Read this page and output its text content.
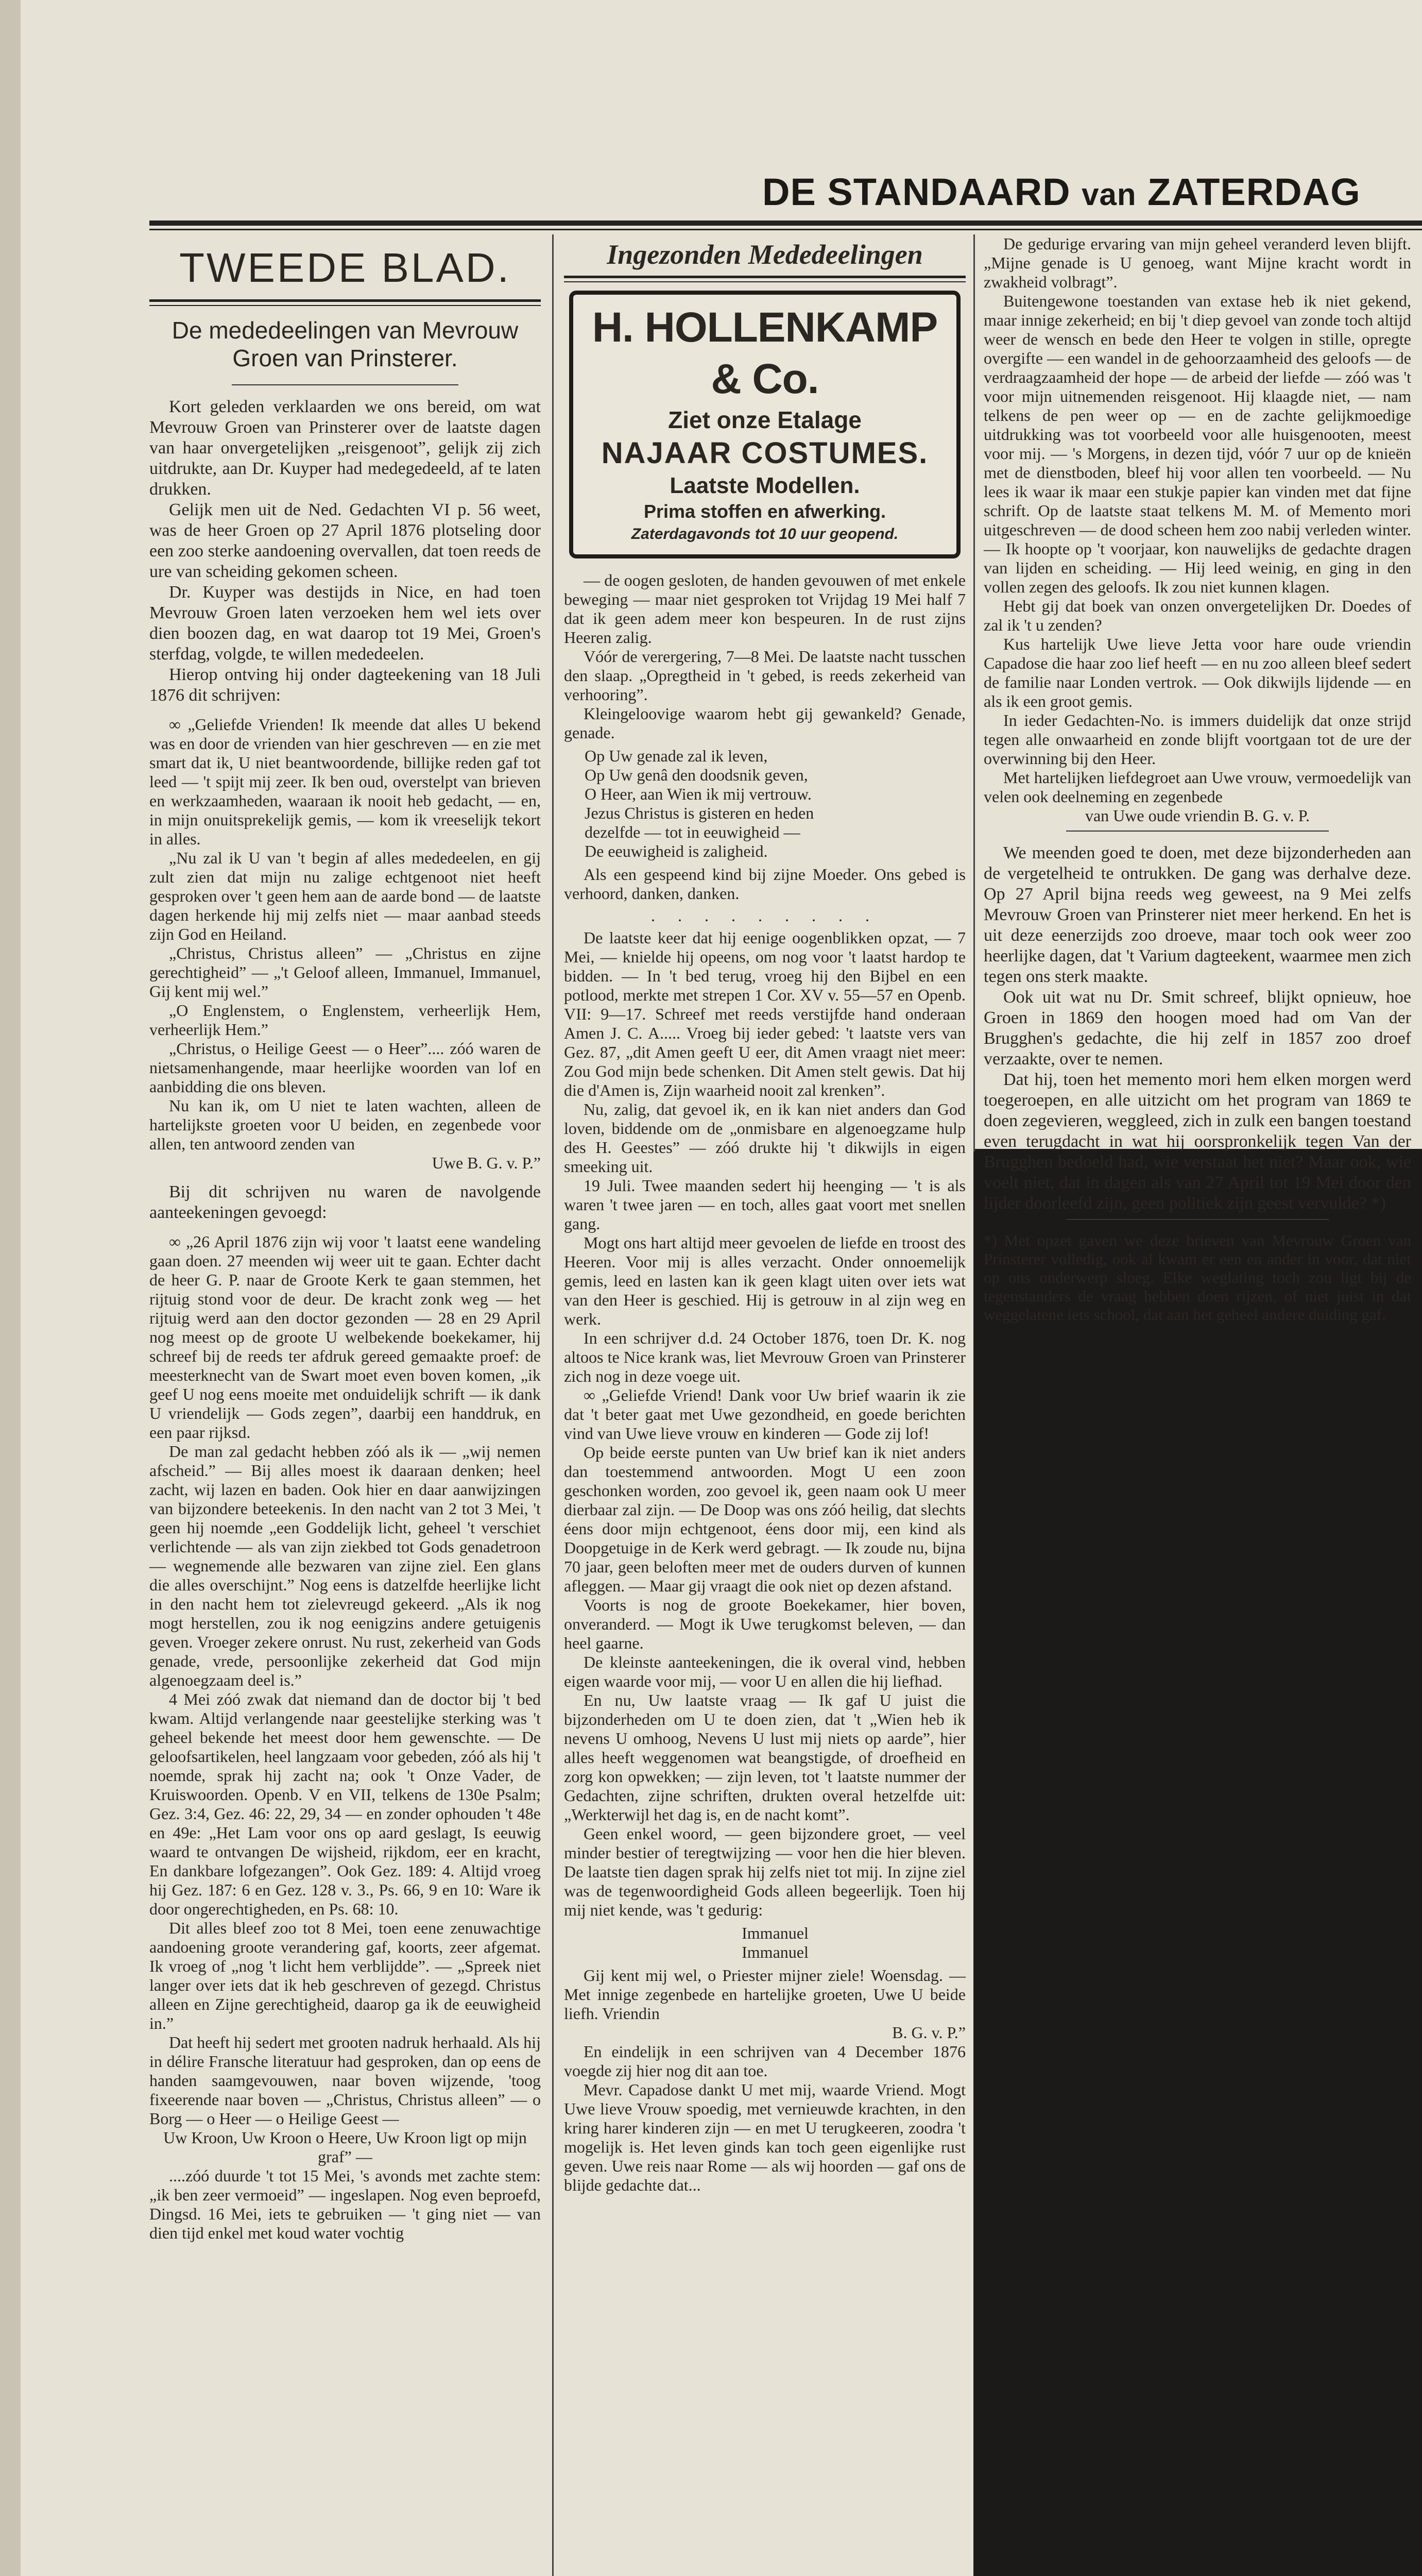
DE STANDAARD van ZATERDAG
TWEEDE BLAD.
De mededeelingen van Mevrouw Groen van Prinsterer.

Kort geleden verklaarden we ons bereid, om wat Mevrouw Groen van Prinsterer over de laatste dagen van haar onvergetelijken „reisgenoot”, gelijk zij zich uitdrukte, aan Dr. Kuyper had medegedeeld, af te laten drukken.

Gelijk men uit de Ned. Gedachten VI p. 56 weet, was de heer Groen op 27 April 1876 plotseling door een zoo sterke aandoening overvallen, dat toen reeds de ure van scheiding gekomen scheen.

Dr. Kuyper was destijds in Nice, en had toen Mevrouw Groen laten verzoeken hem wel iets over dien boozen dag, en wat daarop tot 19 Mei, Groen's sterfdag, volgde, te willen mededeelen.

Hierop ontving hij onder dagteekening van 18 Juli 1876 dit schrijven:

∞ „Geliefde Vrienden! Ik meende dat alles U bekend was en door de vrienden van hier geschreven — en zie met smart dat ik, U niet beantwoordende, billijke reden gaf tot leed — 't spijt mij zeer. Ik ben oud, overstelpt van brieven en werkzaamheden, waaraan ik nooit heb gedacht, — en, in mijn onuitsprekelijk gemis, — kom ik vreeselijk tekort in alles.

„Nu zal ik U van 't begin af alles mededeelen, en gij zult zien dat mijn nu zalige echtgenoot niet heeft gesproken over 't geen hem aan de aarde bond — de laatste dagen herkende hij mij zelfs niet — maar aanbad steeds zijn God en Heiland.

„Christus, Christus alleen” — „Christus en zijne gerechtigheid” — „'t Geloof alleen, Immanuel, Immanuel, Gij kent mij wel.”

„O Englenstem, o Englenstem, verheerlijk Hem, verheerlijk Hem.”

„Christus, o Heilige Geest — o Heer”.... zóó waren de nietsamenhangende, maar heerlijke woorden van lof en aanbidding die ons bleven.

Nu kan ik, om U niet te laten wachten, alleen de hartelijkste groeten voor U beiden, en zegenbede voor allen, ten antwoord zenden van

Uwe B. G. v. P.”

Bij dit schrijven nu waren de navolgende aanteekeningen gevoegd:

∞ „26 April 1876 zijn wij voor 't laatst eene wandeling gaan doen. 27 meenden wij weer uit te gaan. Echter dacht de heer G. P. naar de Groote Kerk te gaan stemmen, het rijtuig stond voor de deur. De kracht zonk weg — het rijtuig werd aan den doctor gezonden — 28 en 29 April nog meest op de groote U welbekende boekekamer, hij schreef bij de reeds ter afdruk gereed gemaakte proef: de meesterknecht van de Swart moet even boven komen, „ik geef U nog eens moeite met onduidelijk schrift — ik dank U vriendelijk — Gods zegen”, daarbij een handdruk, en een paar rijksd.

De man zal gedacht hebben zóó als ik — „wij nemen afscheid.” — Bij alles moest ik daaraan denken; heel zacht, wij lazen en baden. Ook hier en daar aanwijzingen van bijzondere beteekenis. In den nacht van 2 tot 3 Mei, 't geen hij noemde „een Goddelijk licht, geheel 't verschiet verlichtende — als van zijn ziekbed tot Gods genadetroon — wegnemende alle bezwaren van zijne ziel. Een glans die alles overschijnt.” Nog eens is datzelfde heerlijke licht in den nacht hem tot zielevreugd gekeerd. „Als ik nog mogt herstellen, zou ik nog eenigzins andere getuigenis geven. Vroeger zekere onrust. Nu rust, zekerheid van Gods genade, vrede, persoonlijke zekerheid dat God mijn algenoegzaam deel is.”

4 Mei zóó zwak dat niemand dan de doctor bij 't bed kwam. Altijd verlangende naar geestelijke sterking was 't geheel bekende het meest door hem gewenschte. — De geloofsartikelen, heel langzaam voor gebeden, zóó als hij 't noemde, sprak hij zacht na; ook 't Onze Vader, de Kruiswoorden. Openb. V en VII, telkens de 130e Psalm; Gez. 3:4, Gez. 46: 22, 29, 34 — en zonder ophouden 't 48e en 49e: „Het Lam voor ons op aard geslagt, Is eeuwig waard te ontvangen De wijsheid, rijkdom, eer en kracht, En dankbare lofgezangen”. Ook Gez. 189: 4. Altijd vroeg hij Gez. 187: 6 en Gez. 128 v. 3., Ps. 66, 9 en 10: Ware ik door ongerechtigheden, en Ps. 68: 10.

Dit alles bleef zoo tot 8 Mei, toen eene zenuwachtige aandoening groote verandering gaf, koorts, zeer afgemat. Ik vroeg of „nog 't licht hem verblijdde”. — „Spreek niet langer over iets dat ik heb geschreven of gezegd. Christus alleen en Zijne gerechtigheid, daarop ga ik de eeuwigheid in.”

Dat heeft hij sedert met grooten nadruk herhaald. Als hij in délire Fransche literatuur had gesproken, dan op eens de handen saamgevouwen, naar boven wijzende, 'toog fixeerende naar boven — „Christus, Christus alleen” — o Borg — o Heer — o Heilige Geest —

Uw Kroon, Uw Kroon o Heere, Uw Kroon ligt op mijn graf” —

....zóó duurde 't tot 15 Mei, 's avonds met zachte stem: „ik ben zeer vermoeid” — ingeslapen. Nog even beproefd, Dingsd. 16 Mei, iets te gebruiken — 't ging niet — van dien tijd enkel met koud water vochtig

Ingezonden Mededeelingen
H. HOLLENKAMP & Co.
Ziet onze Etalage
NAJAAR COSTUMES.
Laatste Modellen.
Prima stoffen en afwerking.
Zaterdagavonds tot 10 uur geopend.

— de oogen gesloten, de handen gevouwen of met enkele beweging — maar niet gesproken tot Vrijdag 19 Mei half 7 dat ik geen adem meer kon bespeuren. In de rust zijns Heeren zalig.

Vóór de verergering, 7—8 Mei. De laatste nacht tusschen den slaap. „Opregtheid in 't gebed, is reeds zekerheid van verhooring”.

Kleingeloovige waarom hebt gij gewankeld? Genade, genade.

Op Uw genade zal ik leven,
Op Uw genâ den doodsnik geven,
O Heer, aan Wien ik mij vertrouw.
Jezus Christus is gisteren en heden
dezelfde — tot in eeuwigheid —
De eeuwigheid is zaligheid.

Als een gespeend kind bij zijne Moeder. Ons gebed is verhoord, danken, danken.

. . . . . . . . .

De laatste keer dat hij eenige oogenblikken opzat, — 7 Mei, — knielde hij opeens, om nog voor 't laatst hardop te bidden. — In 't bed terug, vroeg hij den Bijbel en een potlood, merkte met strepen 1 Cor. XV v. 55—57 en Openb. VII: 9—17. Schreef met reeds verstijfde hand onderaan Amen J. C. A..... Vroeg bij ieder gebed: 't laatste vers van Gez. 87, „dit Amen geeft U eer, dit Amen vraagt niet meer: Zou God mijn bede schenken. Dit Amen stelt gewis. Dat hij die d'Amen is, Zijn waarheid nooit zal krenken”.

Nu, zalig, dat gevoel ik, en ik kan niet anders dan God loven, biddende om de „onmisbare en algenoegzame hulp des H. Geestes” — zóó drukte hij 't dikwijls in eigen smeeking uit.

19 Juli. Twee maanden sedert hij heenging — 't is als waren 't twee jaren — en toch, alles gaat voort met snellen gang.

Mogt ons hart altijd meer gevoelen de liefde en troost des Heeren. Voor mij is alles verzacht. Onder onnoemelijk gemis, leed en lasten kan ik geen klagt uiten over iets wat van den Heer is geschied. Hij is getrouw in al zijn weg en werk.

In een schrijver d.d. 24 October 1876, toen Dr. K. nog altoos te Nice krank was, liet Mevrouw Groen van Prinsterer zich nog in deze voege uit.

∞ „Geliefde Vriend! Dank voor Uw brief waarin ik zie dat 't beter gaat met Uwe gezondheid, en goede berichten vind van Uwe lieve vrouw en kinderen — Gode zij lof!

Op beide eerste punten van Uw brief kan ik niet anders dan toestemmend antwoorden. Mogt U een zoon geschonken worden, zoo gevoel ik, geen naam ook U meer dierbaar zal zijn. — De Doop was ons zóó heilig, dat slechts éens door mijn echtgenoot, éens door mij, een kind als Doopgetuige in de Kerk werd gebragt. — Ik zoude nu, bijna 70 jaar, geen beloften meer met de ouders durven of kunnen afleggen. — Maar gij vraagt die ook niet op dezen afstand.

Voorts is nog de groote Boekekamer, hier boven, onveranderd. — Mogt ik Uwe terugkomst beleven, — dan heel gaarne.

De kleinste aanteekeningen, die ik overal vind, hebben eigen waarde voor mij, — voor U en allen die hij liefhad.

En nu, Uw laatste vraag — Ik gaf U juist die bijzonderheden om U te doen zien, dat 't „Wien heb ik nevens U omhoog, Nevens U lust mij niets op aarde”, hier alles heeft weggenomen wat beangstigde, of droefheid en zorg kon opwekken; — zijn leven, tot 't laatste nummer der Gedachten, zijne schriften, drukten overal hetzelfde uit: „Werkterwijl het dag is, en de nacht komt”.

Geen enkel woord, — geen bijzondere groet, — veel minder bestier of teregtwijzing — voor hen die hier bleven. De laatste tien dagen sprak hij zelfs niet tot mij. In zijne ziel was de tegenwoordigheid Gods alleen begeerlijk. Toen hij mij niet kende, was 't gedurig:

Immanuel
Immanuel

Gij kent mij wel, o Priester mijner ziele! Woensdag. — Met innige zegenbede en hartelijke groeten, Uwe U beide liefh. Vriendin

B. G. v. P.”

En eindelijk in een schrijven van 4 December 1876 voegde zij hier nog dit aan toe.

Mevr. Capadose dankt U met mij, waarde Vriend. Mogt Uwe lieve Vrouw spoedig, met vernieuwde krachten, in den kring harer kinderen zijn — en met U terugkeeren, zoodra 't mogelijk is. Het leven ginds kan toch geen eigenlijke rust geven. Uwe reis naar Rome — als wij hoorden — gaf ons de blijde gedachte dat...

De gedurige ervaring van mijn geheel veranderd leven blijft. „Mijne genade is U genoeg, want Mijne kracht wordt in zwakheid volbragt”.

Buitengewone toestanden van extase heb ik niet gekend, maar innige zekerheid; en bij 't diep gevoel van zonde toch altijd weer de wensch en bede den Heer te volgen in stille, opregte overgifte — een wandel in de gehoorzaamheid des geloofs — de verdraagzaamheid der hope — de arbeid der liefde — zóó was 't voor mijn uitnemenden reisgenoot. Hij klaagde niet, — nam telkens de pen weer op — en de zachte gelijkmoedige uitdrukking was tot voorbeeld voor alle huisgenooten, meest voor mij. — 's Morgens, in dezen tijd, vóór 7 uur op de knieën met de dienstboden, bleef hij voor allen ten voorbeeld. — Nu lees ik waar ik maar een stukje papier kan vinden met dat fijne schrift. Op de laatste staat telkens M. M. of Memento mori uitgeschreven — de dood scheen hem zoo nabij verleden winter. — Ik hoopte op 't voorjaar, kon nauwelijks de gedachte dragen van lijden en scheiding. — Hij leed weinig, en ging in den vollen zegen des geloofs. Ik zou niet kunnen klagen.

Hebt gij dat boek van onzen onvergetelijken Dr. Doedes of zal ik 't u zenden?

Kus hartelijk Uwe lieve Jetta voor hare oude vriendin Capadose die haar zoo lief heeft — en nu zoo alleen bleef sedert de familie naar Londen vertrok. — Ook dikwijls lijdende — en als ik een groot gemis.

In ieder Gedachten-No. is immers duidelijk dat onze strijd tegen alle onwaarheid en zonde blijft voortgaan tot de ure der overwinning bij den Heer.

Met hartelijken liefdegroet aan Uwe vrouw, vermoedelijk van velen ook deelneming en zegenbede

van Uwe oude vriendin B. G. v. P.

We meenden goed te doen, met deze bijzonderheden aan de vergetelheid te ontrukken. De gang was derhalve deze. Op 27 April bijna reeds weg geweest, na 9 Mei zelfs Mevrouw Groen van Prinsterer niet meer herkend. En het is uit deze eenerzijds zoo droeve, maar toch ook weer zoo heerlijke dagen, dat 't Varium dagteekent, waarmee men zich tegen ons sterk maakte.

Ook uit wat nu Dr. Smit schreef, blijkt opnieuw, hoe Groen in 1869 den hoogen moed had om Van der Brugghen's gedachte, die hij zelf in 1857 zoo droef verzaakte, over te nemen.

Dat hij, toen het memento mori hem elken morgen werd toegeroepen, en alle uitzicht om het program van 1869 te doen zegevieren, weggleed, zich in zulk een bangen toestand even terugdacht in wat hij oorspronkelijk tegen Van der Brugghen bedoeld had, wie verstaat het niet? Maar ook, wie voelt niet, dat in dagen als van 27 April tot 19 Mei door den lijder doorleefd zijn, geen politiek zijn geest vervulde? *)

*) Met opzet gaven we deze brieven van Mevrouw Groen van Prinsterer volledig, ook al kwam er een en ander in voor, dat niet op ons onderwerp sloeg. Elke weglating toch zou ligt bij de tegenstanders de vraag hebben doen rijzen, of niet juist in dat weggelatene iets school, dat aan het geheel andere duiding gaf.
